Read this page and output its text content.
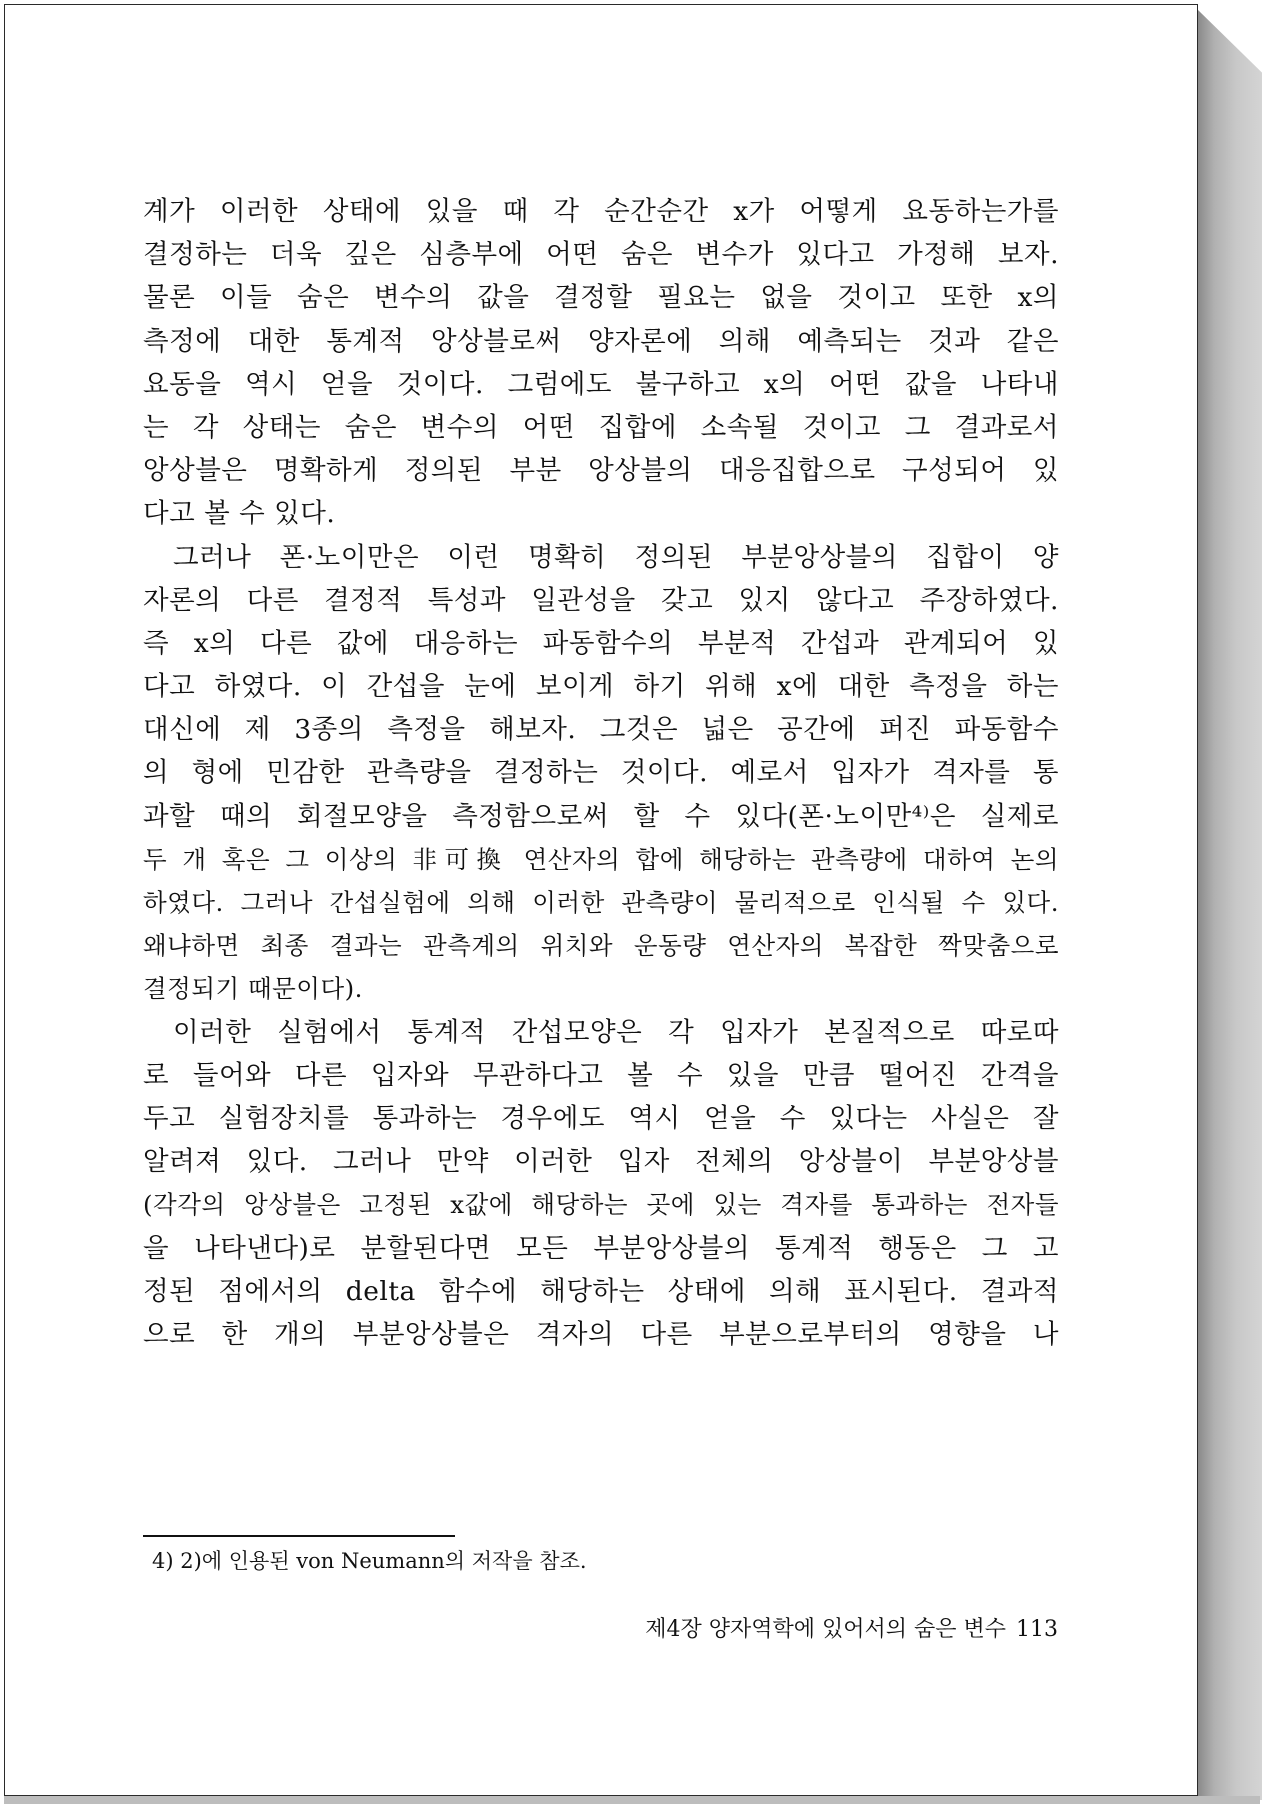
계가 이러한 상태에 있을 때 각 순간순간 x가 어떻게 요동하는가를
결정하는 더욱 깊은 심층부에 어떤 숨은 변수가 있다고 가정해 보자.
물론 이들 숨은 변수의 값을 결정할 필요는 없을 것이고 또한 x의
측정에 대한 통계적 앙상블로써 양자론에 의해 예측되는 것과 같은
요동을 역시 얻을 것이다. 그럼에도 불구하고 x의 어떤 값을 나타내
는 각 상태는 숨은 변수의 어떤 집합에 소속될 것이고 그 결과로서
앙상블은 명확하게 정의된 부분 앙상블의 대응집합으로 구성되어 있
다고 볼 수 있다.
그러나 폰·노이만은 이런 명확히 정의된 부분앙상블의 집합이 양
자론의 다른 결정적 특성과 일관성을 갖고 있지 않다고 주장하였다.
즉 x의 다른 값에 대응하는 파동함수의 부분적 간섭과 관계되어 있
다고 하였다. 이 간섭을 눈에 보이게 하기 위해 x에 대한 측정을 하는
대신에 제 3종의 측정을 해보자. 그것은 넓은 공간에 퍼진 파동함수
의 형에 민감한 관측량을 결정하는 것이다. 예로서 입자가 격자를 통
과할 때의 회절모양을 측정함으로써 할 수 있다(폰·노이만⁴⁾은 실제로
두 개 혹은 그 이상의 非可換 연산자의 합에 해당하는 관측량에 대하여 논의
하였다. 그러나 간섭실험에 의해 이러한 관측량이 물리적으로 인식될 수 있다.
왜냐하면 최종 결과는 관측계의 위치와 운동량 연산자의 복잡한 짝맞춤으로
결정되기 때문이다).
이러한 실험에서 통계적 간섭모양은 각 입자가 본질적으로 따로따
로 들어와 다른 입자와 무관하다고 볼 수 있을 만큼 떨어진 간격을
두고 실험장치를 통과하는 경우에도 역시 얻을 수 있다는 사실은 잘
알려져 있다. 그러나 만약 이러한 입자 전체의 앙상블이 부분앙상블
(각각의 앙상블은 고정된 x값에 해당하는 곳에 있는 격자를 통과하는 전자들
을 나타낸다)로 분할된다면 모든 부분앙상블의 통계적 행동은 그 고
정된 점에서의 delta 함수에 해당하는 상태에 의해 표시된다. 결과적
으로 한 개의 부분앙상블은 격자의 다른 부분으로부터의 영향을 나
4) 2)에 인용된 von Neumann의 저작을 참조.
제4장 양자역학에 있어서의 숨은 변수 113
